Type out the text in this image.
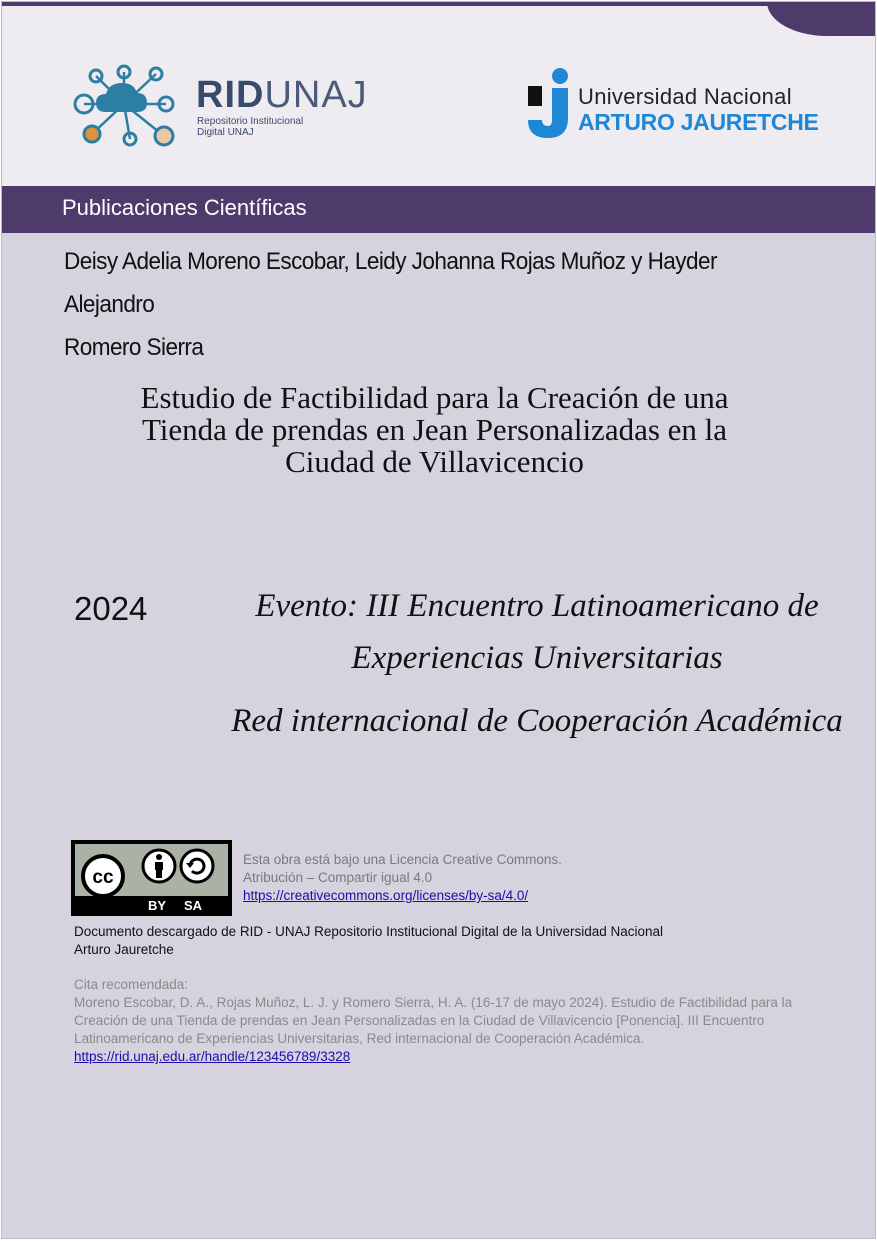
RIDUNAJ
Repositorio Institucional
Digital UNAJ
Universidad Nacional
ARTURO JAURETCHE
Publicaciones Científicas
Deisy Adelia Moreno Escobar, Leidy Johanna Rojas Muñoz y Hayder Alejandro
Romero Sierra
Estudio de Factibilidad para la Creación de una
Tienda de prendas en Jean Personalizadas en la
Ciudad de Villavicencio
2024	Evento: III Encuentro Latinoamericano de
Experiencias Universitarias
Red internacional de Cooperación Académica
cc
BY SA
Esta obra está bajo una Licencia Creative Commons.
Atribución – Compartir igual 4.0
https://creativecommons.org/licenses/by-sa/4.0/
Documento descargado de RID - UNAJ Repositorio Institucional Digital de la Universidad Nacional Arturo Jauretche
Cita recomendada:
Moreno Escobar, D. A., Rojas Muñoz, L. J. y Romero Sierra, H. A. (16-17 de mayo 2024). Estudio de Factibilidad para la Creación de una Tienda de prendas en Jean Personalizadas en la Ciudad de Villavicencio [Ponencia]. III Encuentro Latinoamericano de Experiencias Universitarias, Red internacional de Cooperación Académica. https://rid.unaj.edu.ar/handle/123456789/3328
